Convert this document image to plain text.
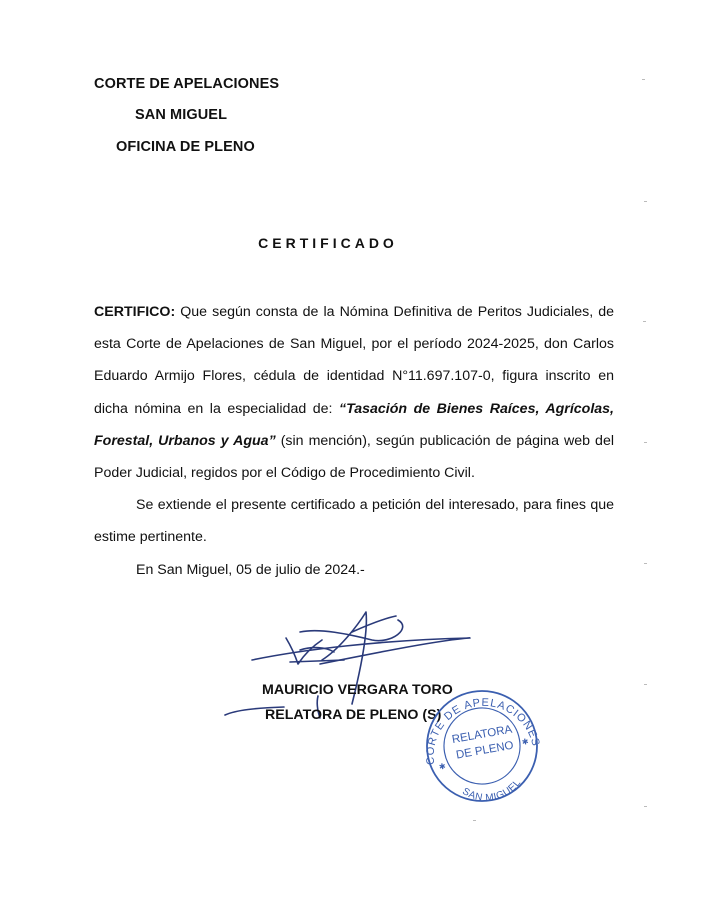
CORTE DE APELACIONES
SAN MIGUEL
OFICINA DE PLENO
CERTIFICADO

CERTIFICO: Que según consta de la Nómina Definitiva de Peritos Judiciales, de esta Corte de Apelaciones de San Miguel, por el período 2024-2025, don Carlos Eduardo Armijo Flores, cédula de identidad N°11.697.107-0, figura inscrito en dicha nómina en la especialidad de: “Tasación de Bienes Raíces, Agrícolas, Forestal, Urbanos y Agua” (sin mención), según publicación de página web del Poder Judicial, regidos por el Código de Procedimiento Civil.

Se extiende el presente certificado a petición del interesado, para fines que estime pertinente.

En San Miguel, 05 de julio de 2024.-

MAURICIO VERGARA TORO
RELATORA DE PLENO (S)
CORTE DE APELACIONES
RELATORA
DE PLENO
SAN MIGUEL
✱
✱
